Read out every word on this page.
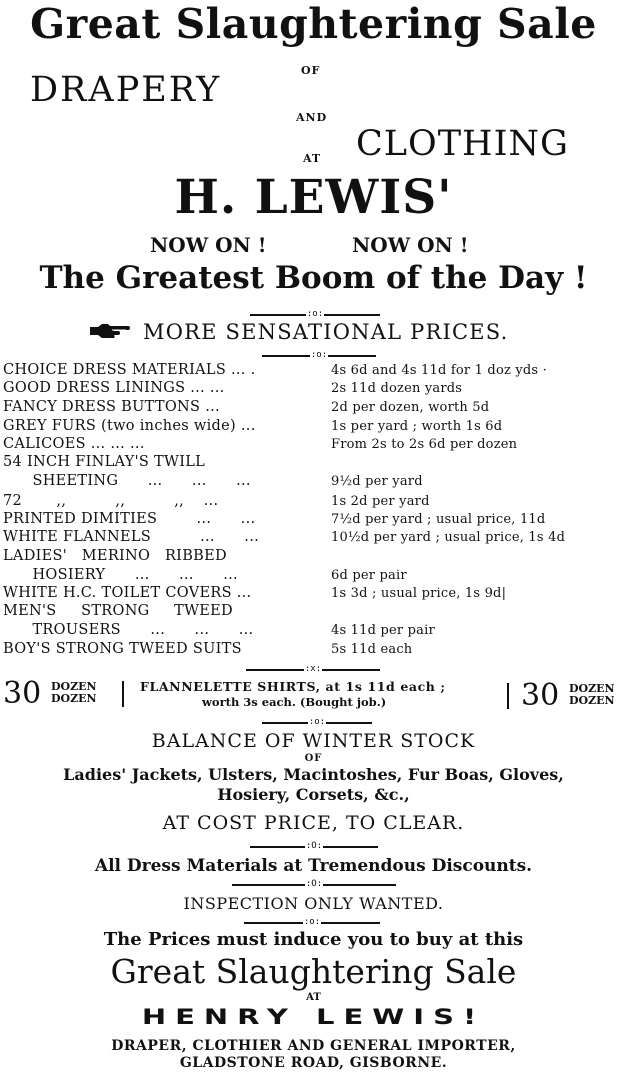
Great Slaughtering Sale
OF
DRAPERY
AND
AT CLOTHING
H. LEWIS'
NOW ON !	NOW ON !
The Greatest Boom of the Day !
:o:
MORE SENSATIONAL PRICES.
:o:
CHOICE DRESS MATERIALS ... .	4s 6d and 4s 11d for 1 doz yds ·
GOOD DRESS LININGS ... ...	2s 11d dozen yards
FANCY DRESS BUTTONS ...	2d per dozen, worth 5d
GREY FURS (two inches wide) ...	1s per yard ; worth 1s 6d
CALICOES ... ... ...	From 2s to 2s 6d per dozen
54 INCH FINLAY'S TWILL
SHEETING      ...      ...      ...	9½d per yard
72       ,,          ,,          ,,    ...	1s 2d per yard
PRINTED DIMITIES        ...      ...	7½d per yard ; usual price, 11d
WHITE FLANNELS          ...      ...	10½d per yard ; usual price, 1s 4d
LADIES'   MERINO   RIBBED
HOSIERY      ...      ...      ...	6d per pair
WHITE H.C. TOILET COVERS ...	1s 3d ; usual price, 1s 9d|
MEN'S     STRONG     TWEED
TROUSERS      ...      ...      ...	4s 11d per pair
BOY'S STRONG TWEED SUITS	5s 11d each
:x:
30 DOZEN
DOZEN
FLANNELETTE SHIRTS, at 1s 11d each ;
worth 3s each. (Bought job.)	30 DOZEN
DOZEN
:o:
BALANCE OF WINTER STOCK
OF
Ladies' Jackets, Ulsters, Macintoshes, Fur Boas, Gloves,
Hosiery, Corsets, &c.,
AT COST PRICE, TO CLEAR.
:O:
All Dress Materials at Tremendous Discounts.
:O:
INSPECTION ONLY WANTED.
:o:
The Prices must induce you to buy at this
Great Slaughtering Sale
AT
HENRY LEWIS!
DRAPER, CLOTHIER AND GENERAL IMPORTER,
GLADSTONE ROAD, GISBORNE.
